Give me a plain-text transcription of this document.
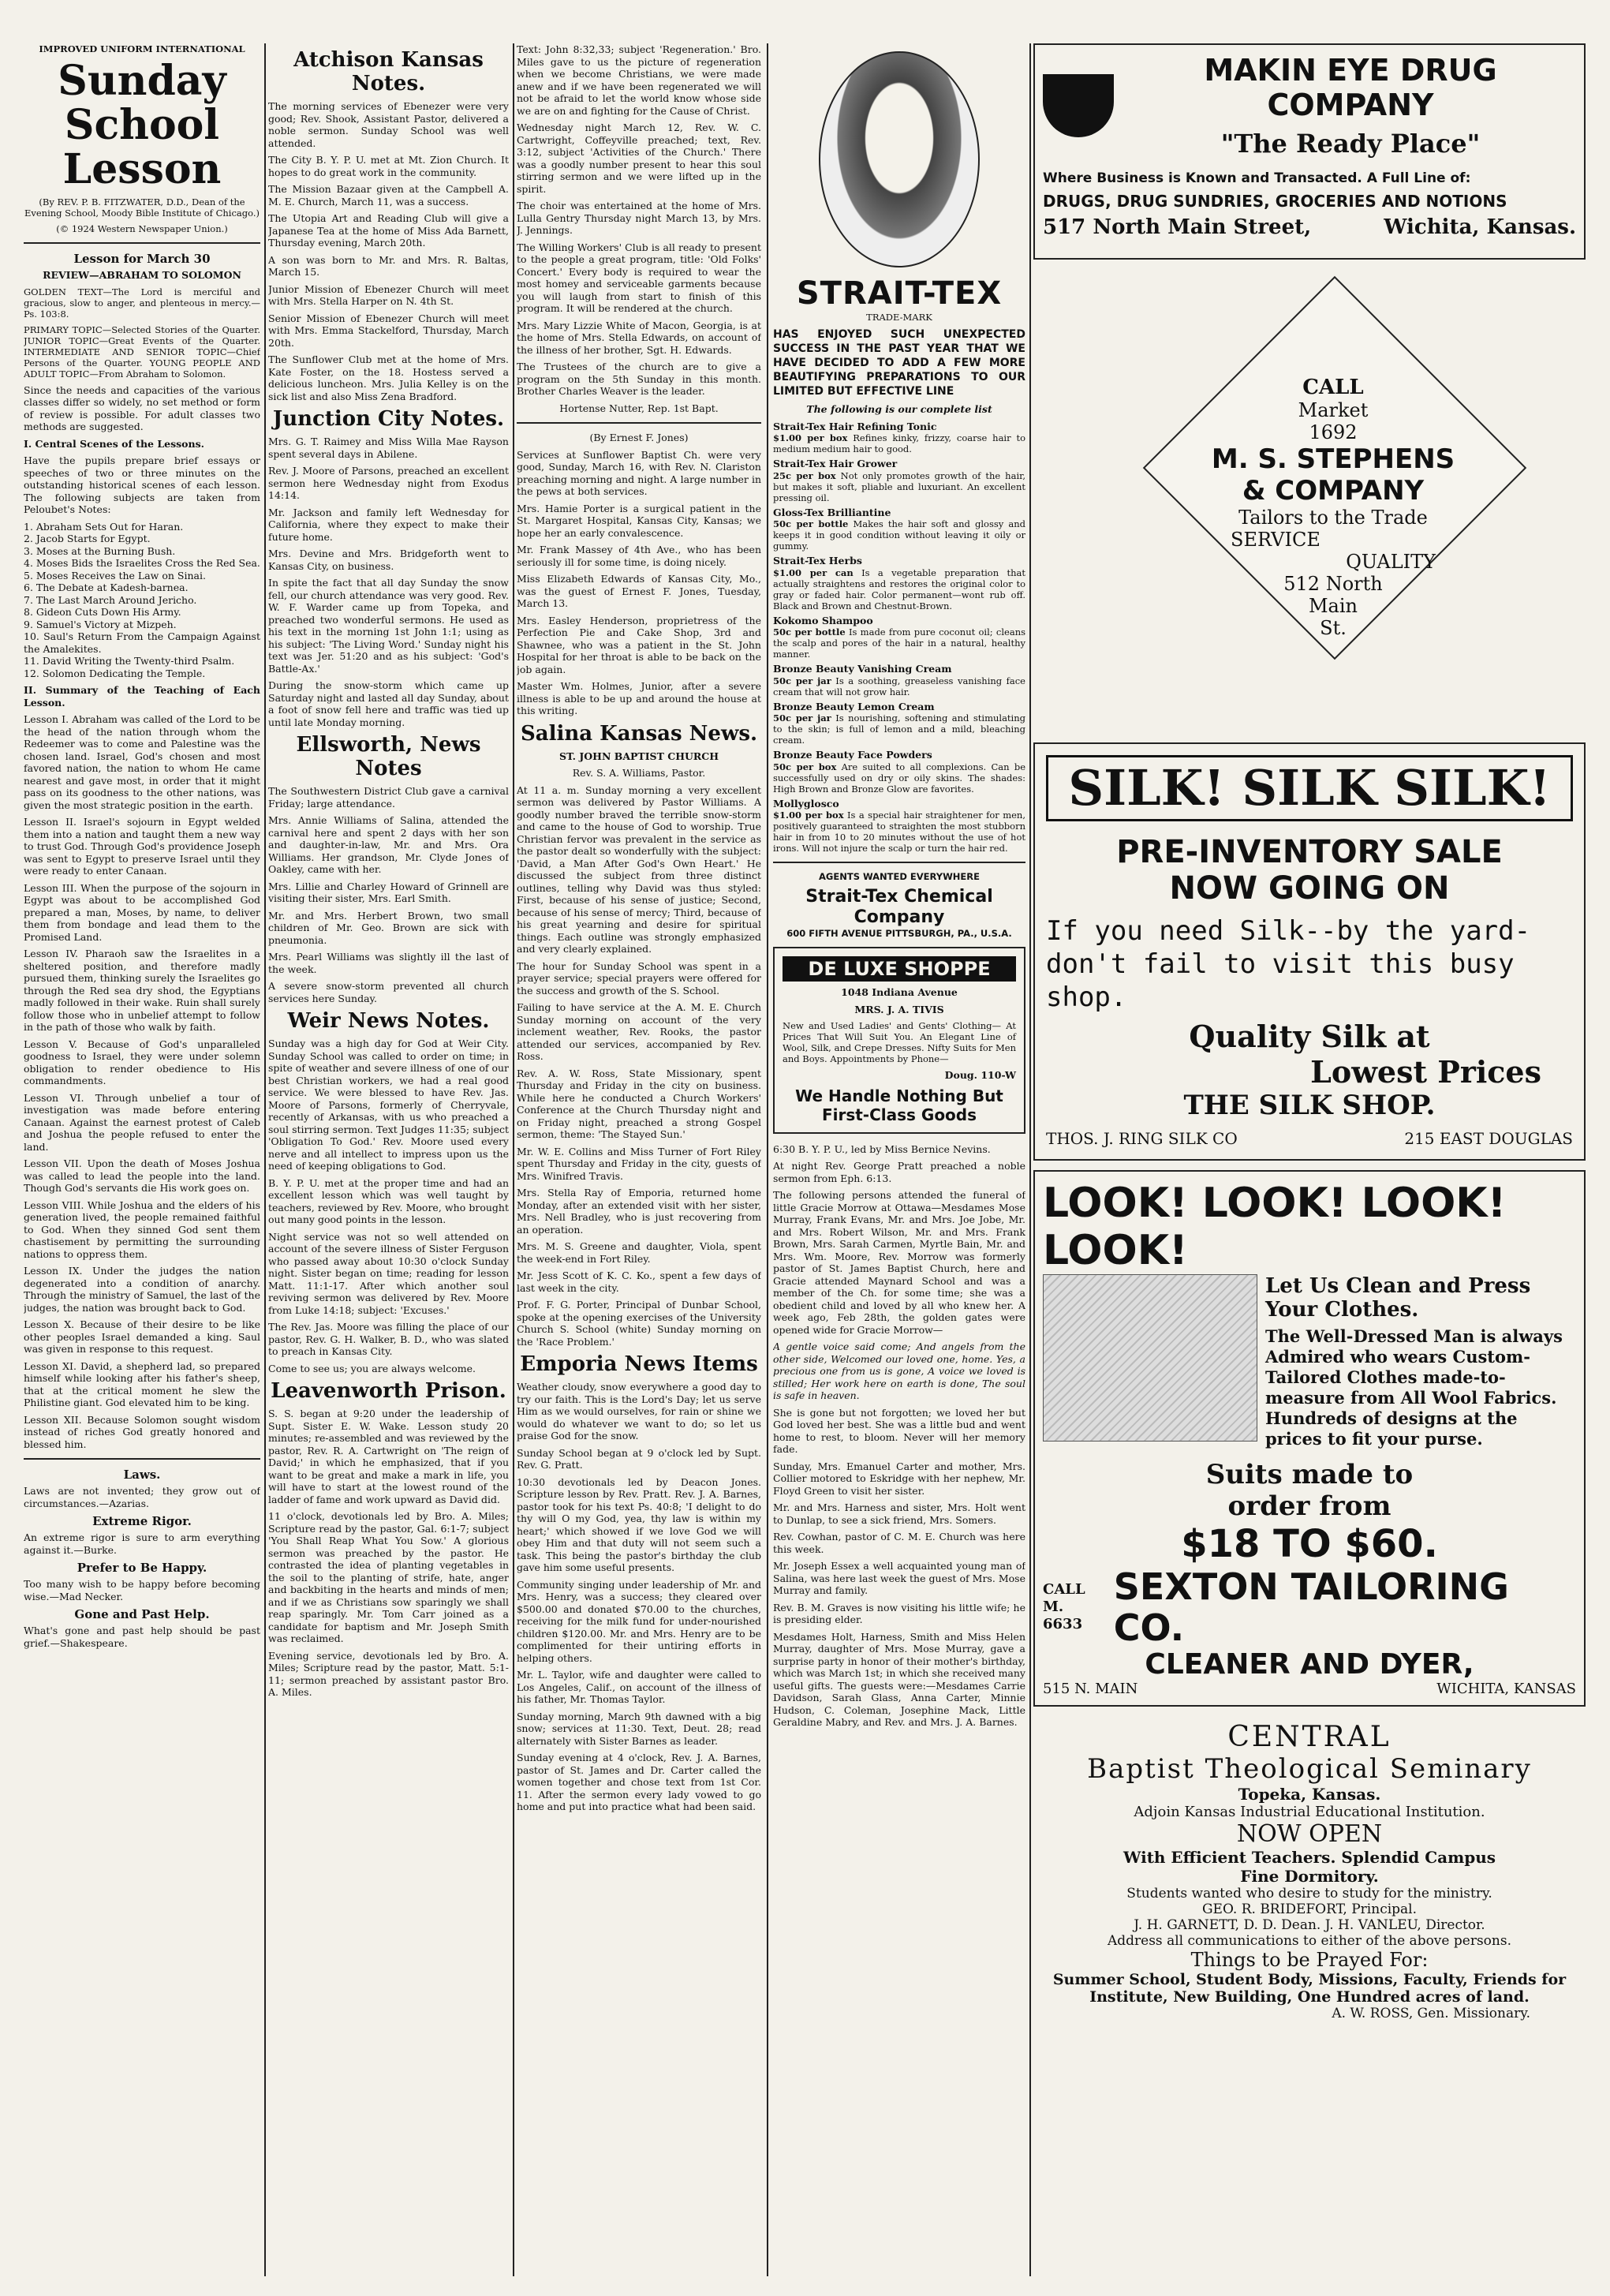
IMPROVED UNIFORM INTERNATIONAL
Sunday School Lesson

(By REV. P. B. FITZWATER, D.D., Dean of the Evening School, Moody Bible Institute of Chicago.)

(© 1924 Western Newspaper Union.)

Lesson for March 30

REVIEW—ABRAHAM TO SOLOMON

GOLDEN TEXT—The Lord is merciful and gracious, slow to anger, and plenteous in mercy.—Ps. 103:8.

PRIMARY TOPIC—Selected Stories of the Quarter. JUNIOR TOPIC—Great Events of the Quarter. INTERMEDIATE AND SENIOR TOPIC—Chief Persons of the Quarter. YOUNG PEOPLE AND ADULT TOPIC—From Abraham to Solomon.

Since the needs and capacities of the various classes differ so widely, no set method or form of review is possible. For adult classes two methods are suggested.

I. Central Scenes of the Lessons.

Have the pupils prepare brief essays or speeches of two or three minutes on the outstanding historical scenes of each lesson. The following subjects are taken from Peloubet's Notes:

1. Abraham Sets Out for Haran.

2. Jacob Starts for Egypt.

3. Moses at the Burning Bush.

4. Moses Bids the Israelites Cross the Red Sea.

5. Moses Receives the Law on Sinai.

6. The Debate at Kadesh-barnea.

7. The Last March Around Jericho.

8. Gideon Cuts Down His Army.

9. Samuel's Victory at Mizpeh.

10. Saul's Return From the Campaign Against the Amalekites.

11. David Writing the Twenty-third Psalm.

12. Solomon Dedicating the Temple.

II. Summary of the Teaching of Each Lesson.

Lesson I. Abraham was called of the Lord to be the head of the nation through whom the Redeemer was to come and Palestine was the chosen land. Israel, God's chosen and most favored nation, the nation to whom He came nearest and gave most, in order that it might pass on its goodness to the other nations, was given the most strategic position in the earth.

Lesson II. Israel's sojourn in Egypt welded them into a nation and taught them a new way to trust God. Through God's providence Joseph was sent to Egypt to preserve Israel until they were ready to enter Canaan.

Lesson III. When the purpose of the sojourn in Egypt was about to be accomplished God prepared a man, Moses, by name, to deliver them from bondage and lead them to the Promised Land.

Lesson IV. Pharaoh saw the Israelites in a sheltered position, and therefore madly pursued them, thinking surely the Israelites go through the Red sea dry shod, the Egyptians madly followed in their wake. Ruin shall surely follow those who in unbelief attempt to follow in the path of those who walk by faith.

Lesson V. Because of God's unparalleled goodness to Israel, they were under solemn obligation to render obedience to His commandments.

Lesson VI. Through unbelief a tour of investigation was made before entering Canaan. Against the earnest protest of Caleb and Joshua the people refused to enter the land.

Lesson VII. Upon the death of Moses Joshua was called to lead the people into the land. Though God's servants die His work goes on.

Lesson VIII. While Joshua and the elders of his generation lived, the people remained faithful to God. When they sinned God sent them chastisement by permitting the surrounding nations to oppress them.

Lesson IX. Under the judges the nation degenerated into a condition of anarchy. Through the ministry of Samuel, the last of the judges, the nation was brought back to God.

Lesson X. Because of their desire to be like other peoples Israel demanded a king. Saul was given in response to this request.

Lesson XI. David, a shepherd lad, so prepared himself while looking after his father's sheep, that at the critical moment he slew the Philistine giant. God elevated him to be king.

Lesson XII. Because Solomon sought wisdom instead of riches God greatly honored and blessed him.

Laws.

Laws are not invented; they grow out of circumstances.—Azarias.

Extreme Rigor.

An extreme rigor is sure to arm everything against it.—Burke.

Prefer to Be Happy.

Too many wish to be happy before becoming wise.—Mad Necker.

Gone and Past Help.

What's gone and past help should be past grief.—Shakespeare.

Atchison Kansas Notes.

The morning services of Ebenezer were very good; Rev. Shook, Assistant Pastor, delivered a noble sermon. Sunday School was well attended.

The City B. Y. P. U. met at Mt. Zion Church. It hopes to do great work in the community.

The Mission Bazaar given at the Campbell A. M. E. Church, March 11, was a success.

The Utopia Art and Reading Club will give a Japanese Tea at the home of Miss Ada Barnett, Thursday evening, March 20th.

A son was born to Mr. and Mrs. R. Baltas, March 15.

Junior Mission of Ebenezer Church will meet with Mrs. Stella Harper on N. 4th St.

Senior Mission of Ebenezer Church will meet with Mrs. Emma Stackelford, Thursday, March 20th.

The Sunflower Club met at the home of Mrs. Kate Foster, on the 18. Hostess served a delicious luncheon. Mrs. Julia Kelley is on the sick list and also Miss Zena Bradford.

Junction City Notes.

Mrs. G. T. Raimey and Miss Willa Mae Rayson spent several days in Abilene.

Rev. J. Moore of Parsons, preached an excellent sermon here Wednesday night from Exodus 14:14.

Mr. Jackson and family left Wednesday for California, where they expect to make their future home.

Mrs. Devine and Mrs. Bridgeforth went to Kansas City, on business.

In spite the fact that all day Sunday the snow fell, our church attendance was very good. Rev. W. F. Warder came up from Topeka, and preached two wonderful sermons. He used as his text in the morning 1st John 1:1; using as his subject: 'The Living Word.' Sunday night his text was Jer. 51:20 and as his subject: 'God's Battle-Ax.'

During the snow-storm which came up Saturday night and lasted all day Sunday, about a foot of snow fell here and traffic was tied up until late Monday morning.

Ellsworth, News Notes

The Southwestern District Club gave a carnival Friday; large attendance.

Mrs. Annie Williams of Salina, attended the carnival here and spent 2 days with her son and daughter-in-law, Mr. and Mrs. Ora Williams. Her grandson, Mr. Clyde Jones of Oakley, came with her.

Mrs. Lillie and Charley Howard of Grinnell are visiting their sister, Mrs. Earl Smith.

Mr. and Mrs. Herbert Brown, two small children of Mr. Geo. Brown are sick with pneumonia.

Mrs. Pearl Williams was slightly ill the last of the week.

A severe snow-storm prevented all church services here Sunday.

Weir News Notes.

Sunday was a high day for God at Weir City. Sunday School was called to order on time; in spite of weather and severe illness of one of our best Christian workers, we had a real good service. We were blessed to have Rev. Jas. Moore of Parsons, formerly of Cherryvale, recently of Arkansas, with us who preached a soul stirring sermon. Text Judges 11:35; subject 'Obligation To God.' Rev. Moore used every nerve and all intellect to impress upon us the need of keeping obligations to God.

B. Y. P. U. met at the proper time and had an excellent lesson which was well taught by teachers, reviewed by Rev. Moore, who brought out many good points in the lesson.

Night service was not so well attended on account of the severe illness of Sister Ferguson who passed away about 10:30 o'clock Sunday night. Sister began on time; reading for lesson Matt. 11:1-17. After which another soul reviving sermon was delivered by Rev. Moore from Luke 14:18; subject: 'Excuses.'

The Rev. Jas. Moore was filling the place of our pastor, Rev. G. H. Walker, B. D., who was slated to preach in Kansas City.

Come to see us; you are always welcome.

Leavenworth Prison.

S. S. began at 9:20 under the leadership of Supt. Sister E. W. Wake. Lesson study 20 minutes; re-assembled and was reviewed by the pastor, Rev. R. A. Cartwright on 'The reign of David;' in which he emphasized, that if you want to be great and make a mark in life, you will have to start at the lowest round of the ladder of fame and work upward as David did.

11 o'clock, devotionals led by Bro. A. Miles; Scripture read by the pastor, Gal. 6:1-7; subject 'You Shall Reap What You Sow.' A glorious sermon was preached by the pastor. He contrasted the idea of planting vegetables in the soil to the planting of strife, hate, anger and backbiting in the hearts and minds of men; and if we as Christians sow sparingly we shall reap sparingly. Mr. Tom Carr joined as a candidate for baptism and Mr. Joseph Smith was reclaimed.

Evening service, devotionals led by Bro. A. Miles; Scripture read by the pastor, Matt. 5:1-11; sermon preached by assistant pastor Bro. A. Miles.

Text: John 8:32,33; subject 'Regeneration.' Bro. Miles gave to us the picture of regeneration when we become Christians, we were made anew and if we have been regenerated we will not be afraid to let the world know whose side we are on and fighting for the Cause of Christ.

Wednesday night March 12, Rev. W. C. Cartwright, Coffeyville preached; text, Rev. 3:12, subject 'Activities of the Church.' There was a goodly number present to hear this soul stirring sermon and we were lifted up in the spirit.

The choir was entertained at the home of Mrs. Lulla Gentry Thursday night March 13, by Mrs. J. Jennings.

The Willing Workers' Club is all ready to present to the people a great program, title: 'Old Folks' Concert.' Every body is required to wear the most homey and serviceable garments because you will laugh from start to finish of this program. It will be rendered at the church.

Mrs. Mary Lizzie White of Macon, Georgia, is at the home of Mrs. Stella Edwards, on account of the illness of her brother, Sgt. H. Edwards.

The Trustees of the church are to give a program on the 5th Sunday in this month. Brother Charles Weaver is the leader.

Hortense Nutter, Rep. 1st Bapt.

(By Ernest F. Jones)

Services at Sunflower Baptist Ch. were very good, Sunday, March 16, with Rev. N. Clariston preaching morning and night. A large number in the pews at both services.

Mrs. Hamie Porter is a surgical patient in the St. Margaret Hospital, Kansas City, Kansas; we hope her an early convalescence.

Mr. Frank Massey of 4th Ave., who has been seriously ill for some time, is doing nicely.

Miss Elizabeth Edwards of Kansas City, Mo., was the guest of Ernest F. Jones, Tuesday, March 13.

Mrs. Easley Henderson, proprietress of the Perfection Pie and Cake Shop, 3rd and Shawnee, who was a patient in the St. John Hospital for her throat is able to be back on the job again.

Master Wm. Holmes, Junior, after a severe illness is able to be up and around the house at this writing.

Salina Kansas News.

ST. JOHN BAPTIST CHURCH

Rev. S. A. Williams, Pastor.

At 11 a. m. Sunday morning a very excellent sermon was delivered by Pastor Williams. A goodly number braved the terrible snow-storm and came to the house of God to worship. True Christian fervor was prevalent in the service as the pastor dealt so wonderfully with the subject: 'David, a Man After God's Own Heart.' He discussed the subject from three distinct outlines, telling why David was thus styled: First, because of his sense of justice; Second, because of his sense of mercy; Third, because of his great yearning and desire for spiritual things. Each outline was strongly emphasized and very clearly explained.

The hour for Sunday School was spent in a prayer service; special prayers were offered for the success and growth of the S. School.

Failing to have service at the A. M. E. Church Sunday morning on account of the very inclement weather, Rev. Rooks, the pastor attended our services, accompanied by Rev. Ross.

Rev. A. W. Ross, State Missionary, spent Thursday and Friday in the city on business. While here he conducted a Church Workers' Conference at the Church Thursday night and on Friday night, preached a strong Gospel sermon, theme: 'The Stayed Sun.'

Mr. W. E. Collins and Miss Turner of Fort Riley spent Thursday and Friday in the city, guests of Mrs. Winifred Travis.

Mrs. Stella Ray of Emporia, returned home Monday, after an extended visit with her sister, Mrs. Nell Bradley, who is just recovering from an operation.

Mrs. M. S. Greene and daughter, Viola, spent the week-end in Fort Riley.

Mr. Jess Scott of K. C. Ko., spent a few days of last week in the city.

Prof. F. G. Porter, Principal of Dunbar School, spoke at the opening exercises of the University Church S. School (white) Sunday morning on the 'Race Problem.'

Emporia News Items

Weather cloudy, snow everywhere a good day to try our faith. This is the Lord's Day; let us serve Him as we would ourselves, for rain or shine we would do whatever we want to do; so let us praise God for the snow.

Sunday School began at 9 o'clock led by Supt. Rev. G. Pratt.

10:30 devotionals led by Deacon Jones. Scripture lesson by Rev. Pratt. Rev. J. A. Barnes, pastor took for his text Ps. 40:8; 'I delight to do thy will O my God, yea, thy law is within my heart;' which showed if we love God we will obey Him and that duty will not seem such a task. This being the pastor's birthday the club gave him some useful presents.

Community singing under leadership of Mr. and Mrs. Henry, was a success; they cleared over $500.00 and donated $70.00 to the churches, receiving for the milk fund for under-nourished children $120.00. Mr. and Mrs. Henry are to be complimented for their untiring efforts in helping others.

Mr. L. Taylor, wife and daughter were called to Los Angeles, Calif., on account of the illness of his father, Mr. Thomas Taylor.

Sunday morning, March 9th dawned with a big snow; services at 11:30. Text, Deut. 28; read alternately with Sister Barnes as leader.

Sunday evening at 4 o'clock, Rev. J. A. Barnes, pastor of St. James and Dr. Carter called the women together and chose text from 1st Cor. 11. After the sermon every lady vowed to go home and put into practice what had been said.

STRAIT-TEX
TRADE-MARK

HAS ENJOYED SUCH UNEXPECTED SUCCESS IN THE PAST YEAR THAT WE HAVE DECIDED TO ADD A FEW MORE BEAUTIFYING PREPARATIONS TO OUR LIMITED BUT EFFECTIVE LINE

The following is our complete list

Strait-Tex Hair Refining Tonic

$1.00 per box Refines kinky, frizzy, coarse hair to medium medium hair to good.

Strait-Tex Hair Grower

25c per box Not only promotes growth of the hair, but makes it soft, pliable and luxuriant. An excellent pressing oil.

Gloss-Tex Brilliantine

50c per bottle Makes the hair soft and glossy and keeps it in good condition without leaving it oily or gummy.

Strait-Tex Herbs

$1.00 per can Is a vegetable preparation that actually straightens and restores the original color to gray or faded hair. Color permanent—wont rub off. Black and Brown and Chestnut-Brown.

Kokomo Shampoo

50c per bottle Is made from pure coconut oil; cleans the scalp and pores of the hair in a natural, healthy manner.

Bronze Beauty Vanishing Cream

50c per jar Is a soothing, greaseless vanishing face cream that will not grow hair.

Bronze Beauty Lemon Cream

50c per jar Is nourishing, softening and stimulating to the skin; is full of lemon and a mild, bleaching cream.

Bronze Beauty Face Powders

50c per box Are suited to all complexions. Can be successfully used on dry or oily skins. The shades: High Brown and Bronze Glow are favorites.

Mollyglosco

$1.00 per box Is a special hair straightener for men, positively guaranteed to straighten the most stubborn hair in from 10 to 20 minutes without the use of hot irons. Will not injure the scalp or turn the hair red.

AGENTS WANTED EVERYWHERE

Strait-Tex Chemical Company

600 FIFTH AVENUE PITTSBURGH, PA., U.S.A.

DE LUXE SHOPPE

1048 Indiana Avenue

MRS. J. A. TIVIS

New and Used Ladies' and Gents' Clothing— At Prices That Will Suit You. An Elegant Line of Wool, Silk, and Crepe Dresses. Nifty Suits for Men and Boys. Appointments by Phone—

Doug. 110-W

We Handle Nothing But
First-Class Goods

6:30 B. Y. P. U., led by Miss Bernice Nevins.

At night Rev. George Pratt preached a noble sermon from Eph. 6:13.

The following persons attended the funeral of little Gracie Morrow at Ottawa—Mesdames Mose Murray, Frank Evans, Mr. and Mrs. Joe Jobe, Mr. and Mrs. Robert Wilson, Mr. and Mrs. Frank Brown, Mrs. Sarah Carmen, Myrtle Bain, Mr. and Mrs. Wm. Moore, Rev. Morrow was formerly pastor of St. James Baptist Church, here and Gracie attended Maynard School and was a member of the Ch. for some time; she was a obedient child and loved by all who knew her. A week ago, Feb 28th, the golden gates were opened wide for Gracie Morrow—

A gentle voice said come; And angels from the other side, Welcomed our loved one, home. Yes, a precious one from us is gone, A voice we loved is stilled; Her work here on earth is done, The soul is safe in heaven.

She is gone but not forgotten; we loved her but God loved her best. She was a little bud and went home to rest, to bloom. Never will her memory fade.

Sunday, Mrs. Emanuel Carter and mother, Mrs. Collier motored to Eskridge with her nephew, Mr. Floyd Green to visit her sister.

Mr. and Mrs. Harness and sister, Mrs. Holt went to Dunlap, to see a sick friend, Mrs. Somers.

Rev. Cowhan, pastor of C. M. E. Church was here this week.

Mr. Joseph Essex a well acquainted young man of Salina, was here last week the guest of Mrs. Mose Murray and family.

Rev. B. M. Graves is now visiting his little wife; he is presiding elder.

Mesdames Holt, Harness, Smith and Miss Helen Murray, daughter of Mrs. Mose Murray, gave a surprise party in honor of their mother's birthday, which was March 1st; in which she received many useful gifts. The guests were:—Mesdames Carrie Davidson, Sarah Glass, Anna Carter, Minnie Hudson, C. Coleman, Josephine Mack, Little Geraldine Mabry, and Rev. and Mrs. J. A. Barnes.

MAKIN EYE DRUG COMPANY
"The Ready Place"

Where Business is Known and Transacted. A Full Line of:

DRUGS, DRUG SUNDRIES, GROCERIES AND NOTIONS

517 North Main Street,	Wichita, Kansas.
CALL
Market
1692
M. S. STEPHENS
& COMPANY
Tailors to the Trade
SERVICE
QUALITY
512 North
Main
St.
SILK! SILK SILK!
PRE-INVENTORY SALE
NOW GOING ON

If you need Silk--by the yard-don't fail to visit this busy shop.

Quality Silk at
Lowest Prices
THE SILK SHOP.
THOS. J. RING SILK CO	215 EAST DOUGLAS
LOOK! LOOK! LOOK! LOOK!

Let Us Clean and Press Your Clothes.

The Well-Dressed Man is always Admired who wears Custom-Tailored Clothes made-to-measure from All Wool Fabrics. Hundreds of designs at the prices to fit your purse.

Suits made to
order from
$18 TO $60.
CALL
M. 6633
SEXTON TAILORING CO.
CLEANER AND DYER,
515 N. MAIN	WICHITA, KANSAS
CENTRAL
Baptist Theological Seminary
Topeka, Kansas.
Adjoin Kansas Industrial Educational Institution.
NOW OPEN
With Efficient Teachers. Splendid Campus
Fine Dormitory.
Students wanted who desire to study for the ministry.
GEO. R. BRIDEFORT, Principal.
J. H. GARNETT, D. D. Dean. J. H. VANLEU, Director.
Address all communications to either of the above persons.
Things to be Prayed For:
Summer School, Student Body, Missions, Faculty, Friends for Institute, New Building, One Hundred acres of land.
A. W. ROSS, Gen. Missionary.
